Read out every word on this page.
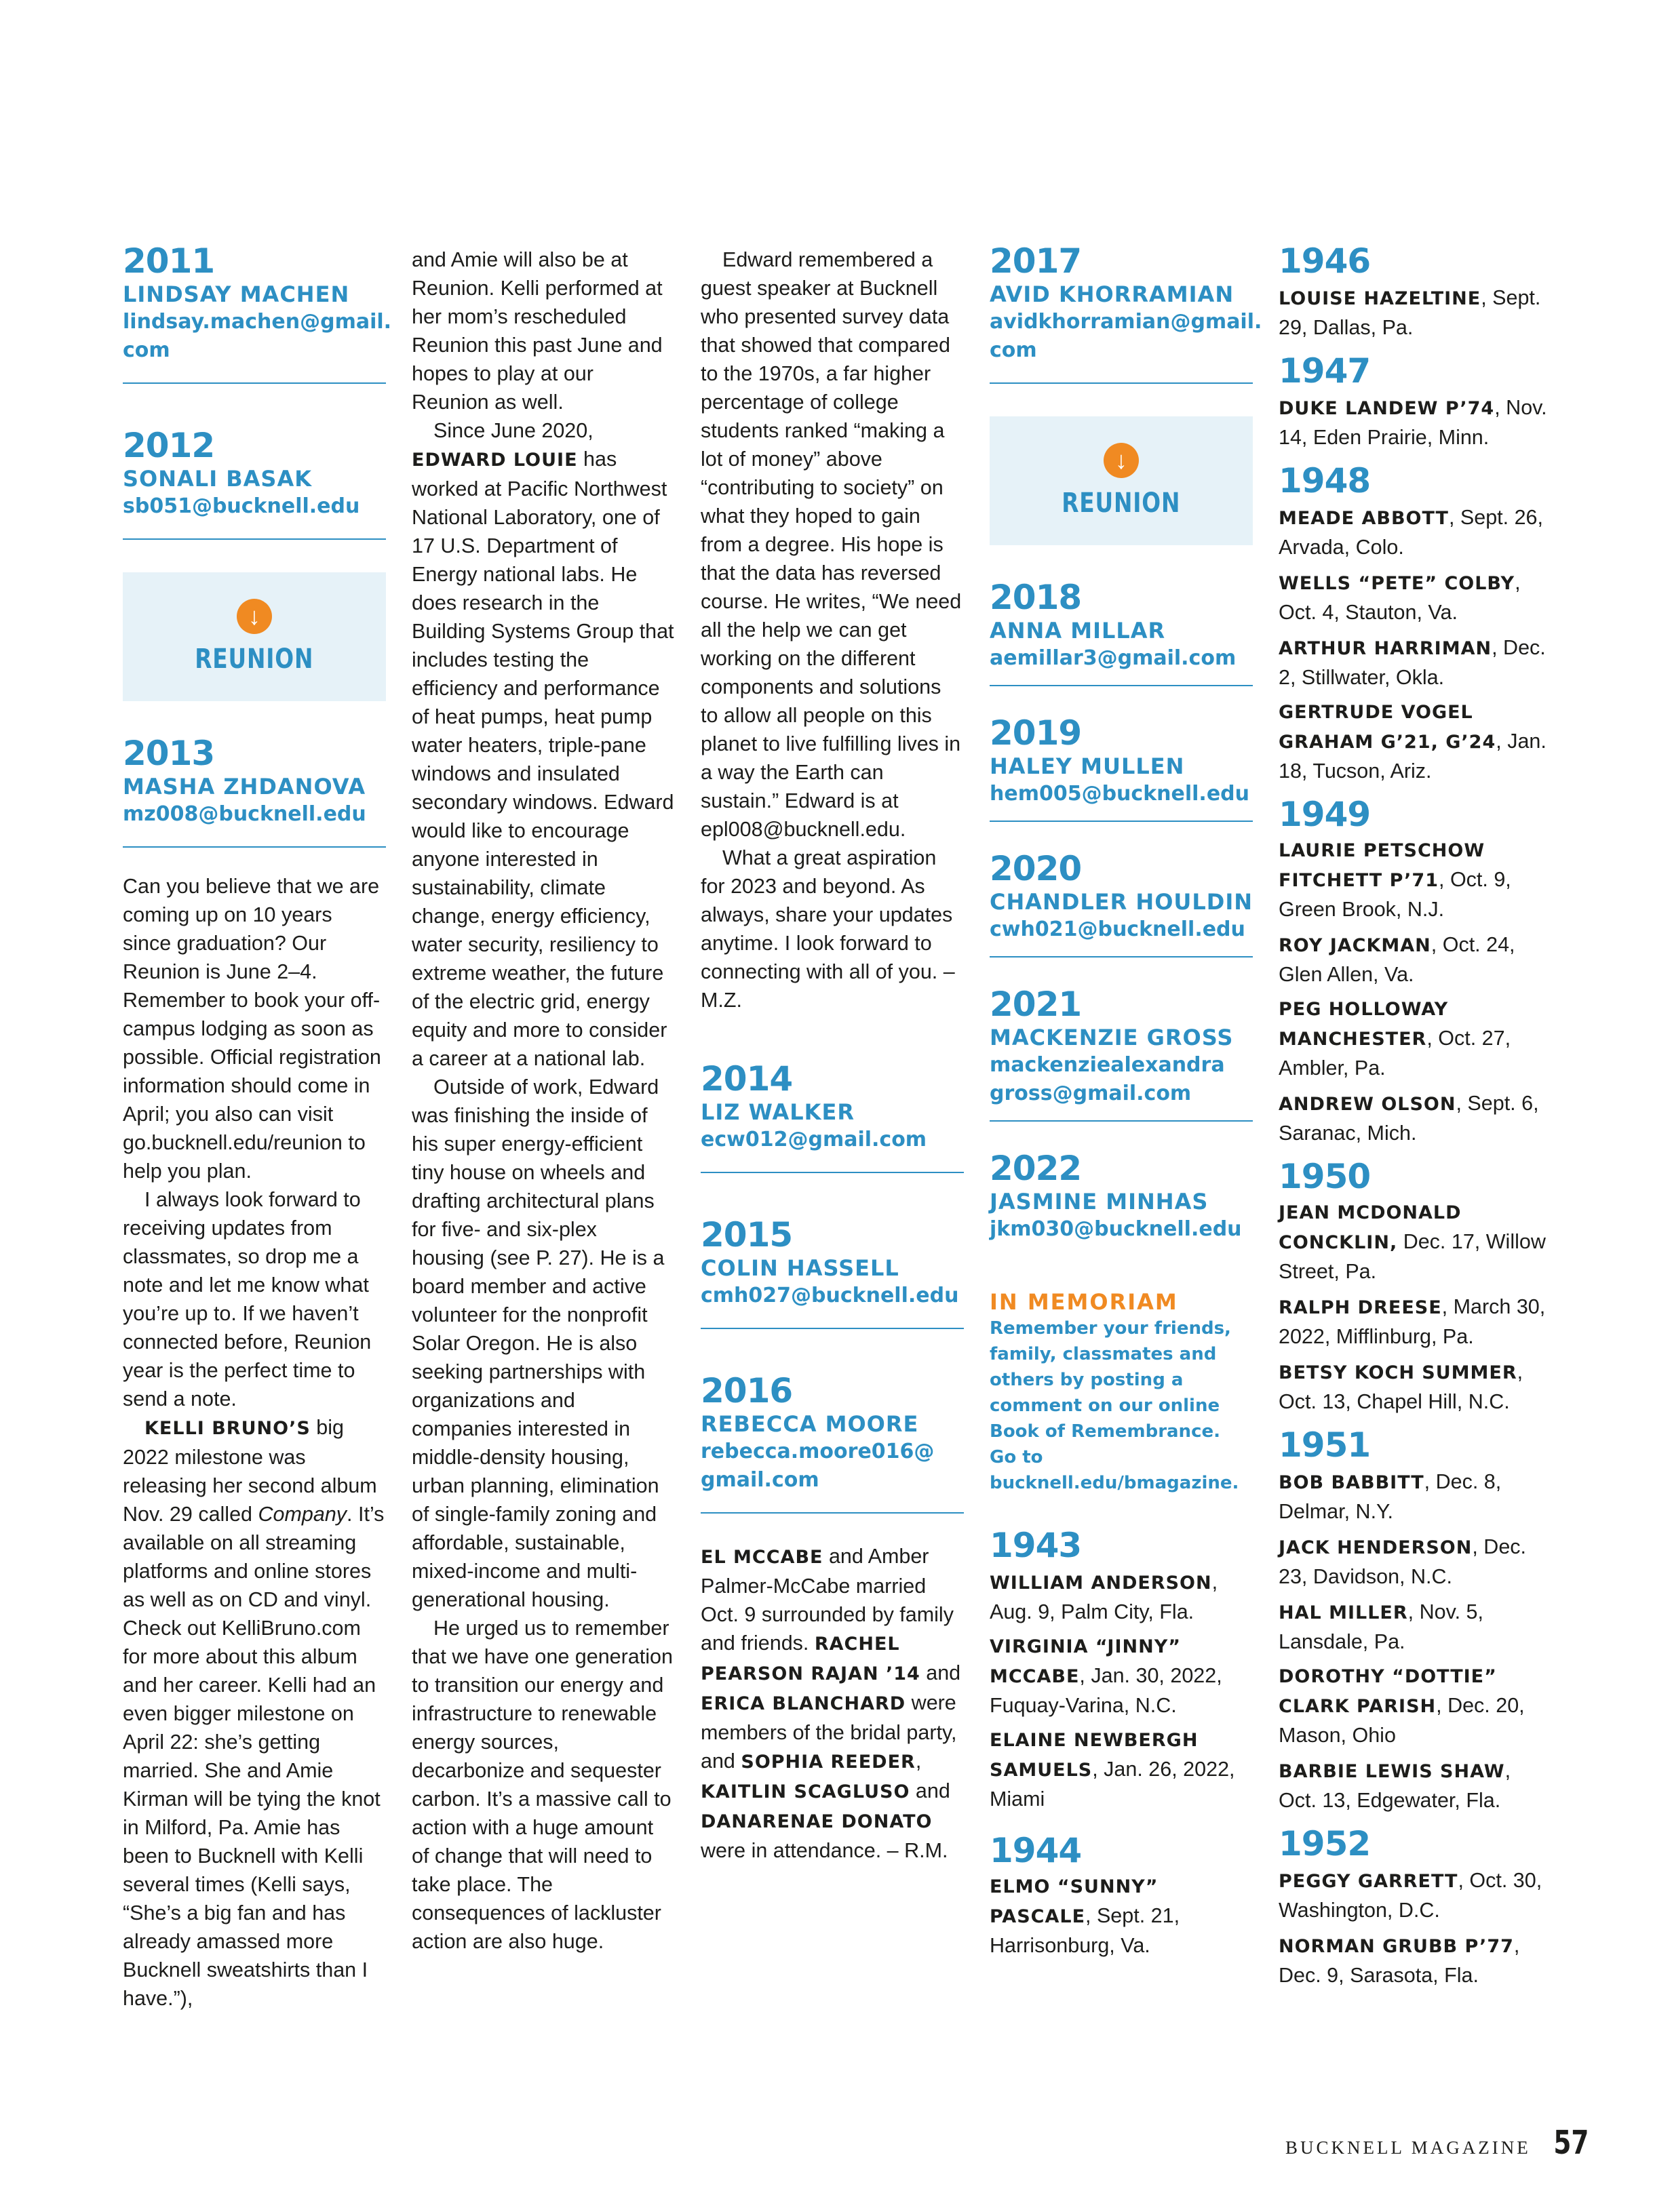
2011
LINDSAY MACHEN
lindsay.machen@gmail.
com
2012
SONALI BASAK
sb051@bucknell.edu
↓
REUNION
2013
MASHA ZHDANOVA
mz008@bucknell.edu

Can you believe that we are coming up on 10 years since graduation? Our Reunion is June 2–4. Remember to book your off-campus lodging as soon as possible. Official registration information should come in April; you also can visit go.bucknell.edu/reunion to help you plan.

I always look forward to receiving updates from classmates, so drop me a note and let me know what you’re up to. If we haven’t connected before, Reunion year is the perfect time to send a note.

KELLI BRUNO’S big 2022 milestone was releasing her second album Nov. 29 called Company. It’s available on all streaming platforms and online stores as well as on CD and vinyl. Check out KelliBruno.com for more about this album and her career. Kelli had an even bigger milestone on April 22: she’s getting married. She and Amie Kirman will be tying the knot in Milford, Pa. Amie has been to Bucknell with Kelli several times (Kelli says, “She’s a big fan and has already amassed more Bucknell sweatshirts than I have.”),

and Amie will also be at Reunion. Kelli performed at her mom’s rescheduled Reunion this past June and hopes to play at our Reunion as well.

Since June 2020, EDWARD LOUIE has worked at Pacific Northwest National Laboratory, one of 17 U.S. Department of Energy national labs. He does research in the Building Systems Group that includes testing the efficiency and performance of heat pumps, heat pump water heaters, triple-pane windows and insulated secondary windows. Edward would like to encourage anyone interested in sustainability, climate change, energy efficiency, water security, resiliency to extreme weather, the future of the electric grid, energy equity and more to consider a career at a national lab.

Outside of work, Edward was finishing the inside of his super energy-efficient tiny house on wheels and drafting architectural plans for five- and six-plex housing (see P. 27). He is a board member and active volunteer for the nonprofit Solar Oregon. He is also seeking partnerships with organizations and companies interested in middle-density housing, urban planning, elimination of single-family zoning and affordable, sustainable, mixed-income and multi-generational housing.

He urged us to remember that we have one generation to transition our energy and infrastructure to renewable energy sources, decarbonize and sequester carbon. It’s a massive call to action with a huge amount of change that will need to take place. The consequences of lackluster action are also huge.

Edward remembered a guest speaker at Bucknell who presented survey data that showed that compared to the 1970s, a far higher percentage of college students ranked “making a lot of money” above “contributing to society” on what they hoped to gain from a degree. His hope is that the data has reversed course. He writes, “We need all the help we can get working on the different components and solutions to allow all people on this planet to live fulfilling lives in a way the Earth can sustain.” Edward is at epl008@bucknell.edu.

What a great aspiration for 2023 and beyond. As always, share your updates anytime. I look forward to connecting with all of you. – M.Z.

2014
LIZ WALKER
ecw012@gmail.com
2015
COLIN HASSELL
cmh027@bucknell.edu
2016
REBECCA MOORE
rebecca.moore016@
gmail.com

EL MCCABE and Amber Palmer-McCabe married Oct. 9 surrounded by family and friends. RACHEL PEARSON RAJAN ’14 and ERICA BLANCHARD were members of the bridal party, and SOPHIA REEDER, KAITLIN SCAGLUSO and DANARENAE DONATO were in attendance. – R.M.

2017
AVID KHORRAMIAN
avidkhorramian@gmail.
com
↓
REUNION
2018
ANNA MILLAR
aemillar3@gmail.com
2019
HALEY MULLEN
hem005@bucknell.edu
2020
CHANDLER HOULDIN
cwh021@bucknell.edu
2021
MACKENZIE GROSS
mackenziealexandra
gross@gmail.com
2022
JASMINE MINHAS
jkm030@bucknell.edu
IN MEMORIAM
Remember your friends, family, classmates and others by posting a comment on our online Book of Remembrance. Go to bucknell.edu/bmagazine.
1943
WILLIAM ANDERSON, Aug. 9, Palm City, Fla.
VIRGINIA “JINNY” MCCABE, Jan. 30, 2022, Fuquay-Varina, N.C.
ELAINE NEWBERGH SAMUELS, Jan. 26, 2022, Miami
1944
ELMO “SUNNY” PASCALE, Sept. 21, Harrisonburg, Va.
1946
LOUISE HAZELTINE, Sept. 29, Dallas, Pa.
1947
DUKE LANDEW P’74, Nov. 14, Eden Prairie, Minn.
1948
MEADE ABBOTT, Sept. 26, Arvada, Colo.
WELLS “PETE” COLBY, Oct. 4, Stauton, Va.
ARTHUR HARRIMAN, Dec. 2, Stillwater, Okla.
GERTRUDE VOGEL GRAHAM G’21, G’24, Jan. 18, Tucson, Ariz.
1949
LAURIE PETSCHOW FITCHETT P’71, Oct. 9, Green Brook, N.J.
ROY JACKMAN, Oct. 24, Glen Allen, Va.
PEG HOLLOWAY MANCHESTER, Oct. 27, Ambler, Pa.
ANDREW OLSON, Sept. 6, Saranac, Mich.
1950
JEAN MCDONALD CONCKLIN, Dec. 17, Willow Street, Pa.
RALPH DREESE, March 30, 2022, Mifflinburg, Pa.
BETSY KOCH SUMMER, Oct. 13, Chapel Hill, N.C.
1951
BOB BABBITT, Dec. 8, Delmar, N.Y.
JACK HENDERSON, Dec. 23, Davidson, N.C.
HAL MILLER, Nov. 5, Lansdale, Pa.
DOROTHY “DOTTIE” CLARK PARISH, Dec. 20, Mason, Ohio
BARBIE LEWIS SHAW, Oct. 13, Edgewater, Fla.
1952
PEGGY GARRETT, Oct. 30, Washington, D.C.
NORMAN GRUBB P’77, Dec. 9, Sarasota, Fla.
BUCKNELL MAGAZINE 57
